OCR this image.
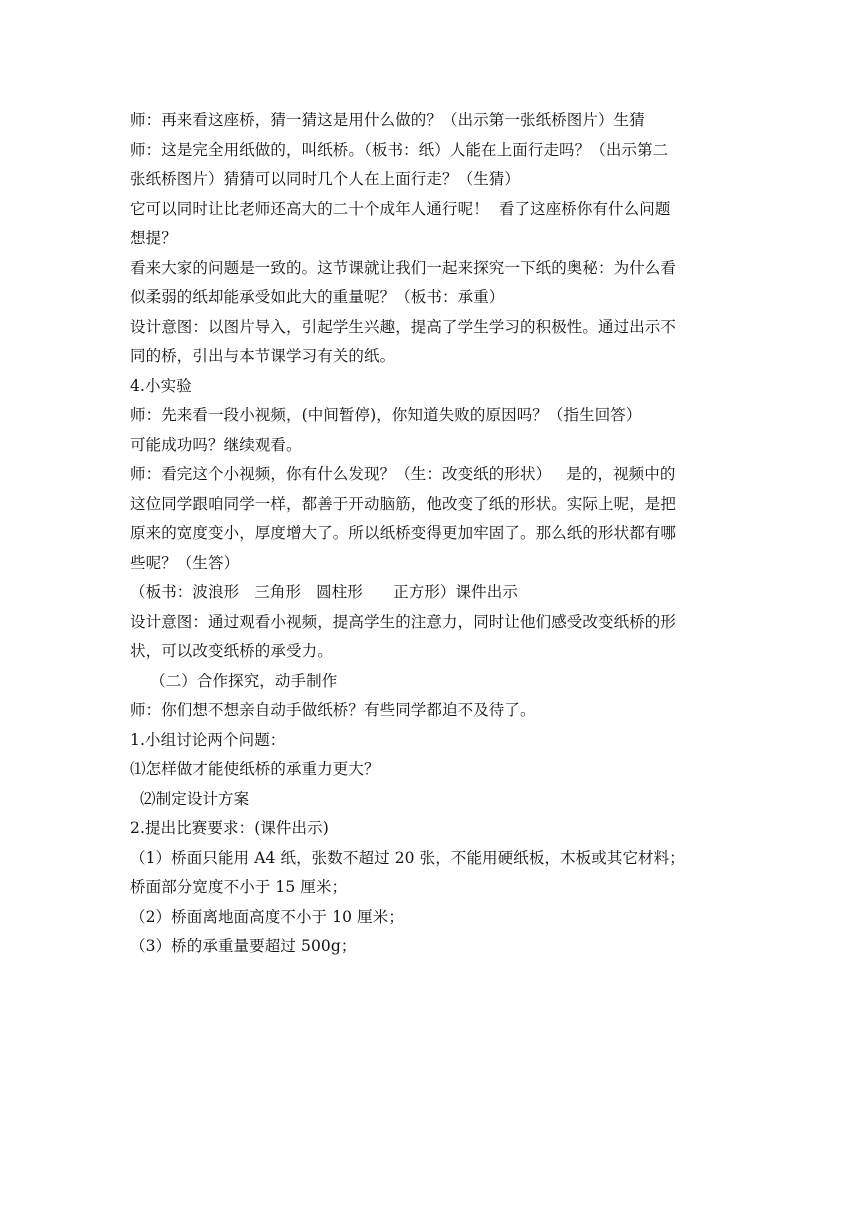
师：再来看这座桥，猜一猜这是用什么做的？（出示第一张纸桥图片）生猜
师：这是完全用纸做的，叫纸桥。（板书：纸）人能在上面行走吗？（出示第二
张纸桥图片）猜猜可以同时几个人在上面行走？（生猜）
它可以同时让比老师还高大的二十个成年人通行呢！  看了这座桥你有什么问题
想提？
看来大家的问题是一致的。这节课就让我们一起来探究一下纸的奥秘：为什么看
似柔弱的纸却能承受如此大的重量呢？（板书：承重）
设计意图：以图片导入，引起学生兴趣，提高了学生学习的积极性。通过出示不
同的桥，引出与本节课学习有关的纸。
4.小实验
师：先来看一段小视频，(中间暂停)，你知道失败的原因吗？（指生回答）
可能成功吗？继续观看。
师：看完这个小视频，你有什么发现？（生：改变纸的形状）   是的，视频中的
这位同学跟咱同学一样，都善于开动脑筋，他改变了纸的形状。实际上呢，是把
原来的宽度变小，厚度增大了。所以纸桥变得更加牢固了。那么纸的形状都有哪
些呢？（生答）
（板书：波浪形   三角形   圆柱形      正方形）课件出示
设计意图：通过观看小视频，提高学生的注意力，同时让他们感受改变纸桥的形
状，可以改变纸桥的承受力。
（二）合作探究，动手制作
师：你们想不想亲自动手做纸桥？有些同学都迫不及待了。
1.小组讨论两个问题：
⑴怎样做才能使纸桥的承重力更大？
⑵制定设计方案
2.提出比赛要求：(课件出示)
（1）桥面只能用 A4 纸，张数不超过 20 张，不能用硬纸板，木板或其它材料；
桥面部分宽度不小于 15 厘米；
（2）桥面离地面高度不小于 10 厘米；
（3）桥的承重量要超过 500g；
